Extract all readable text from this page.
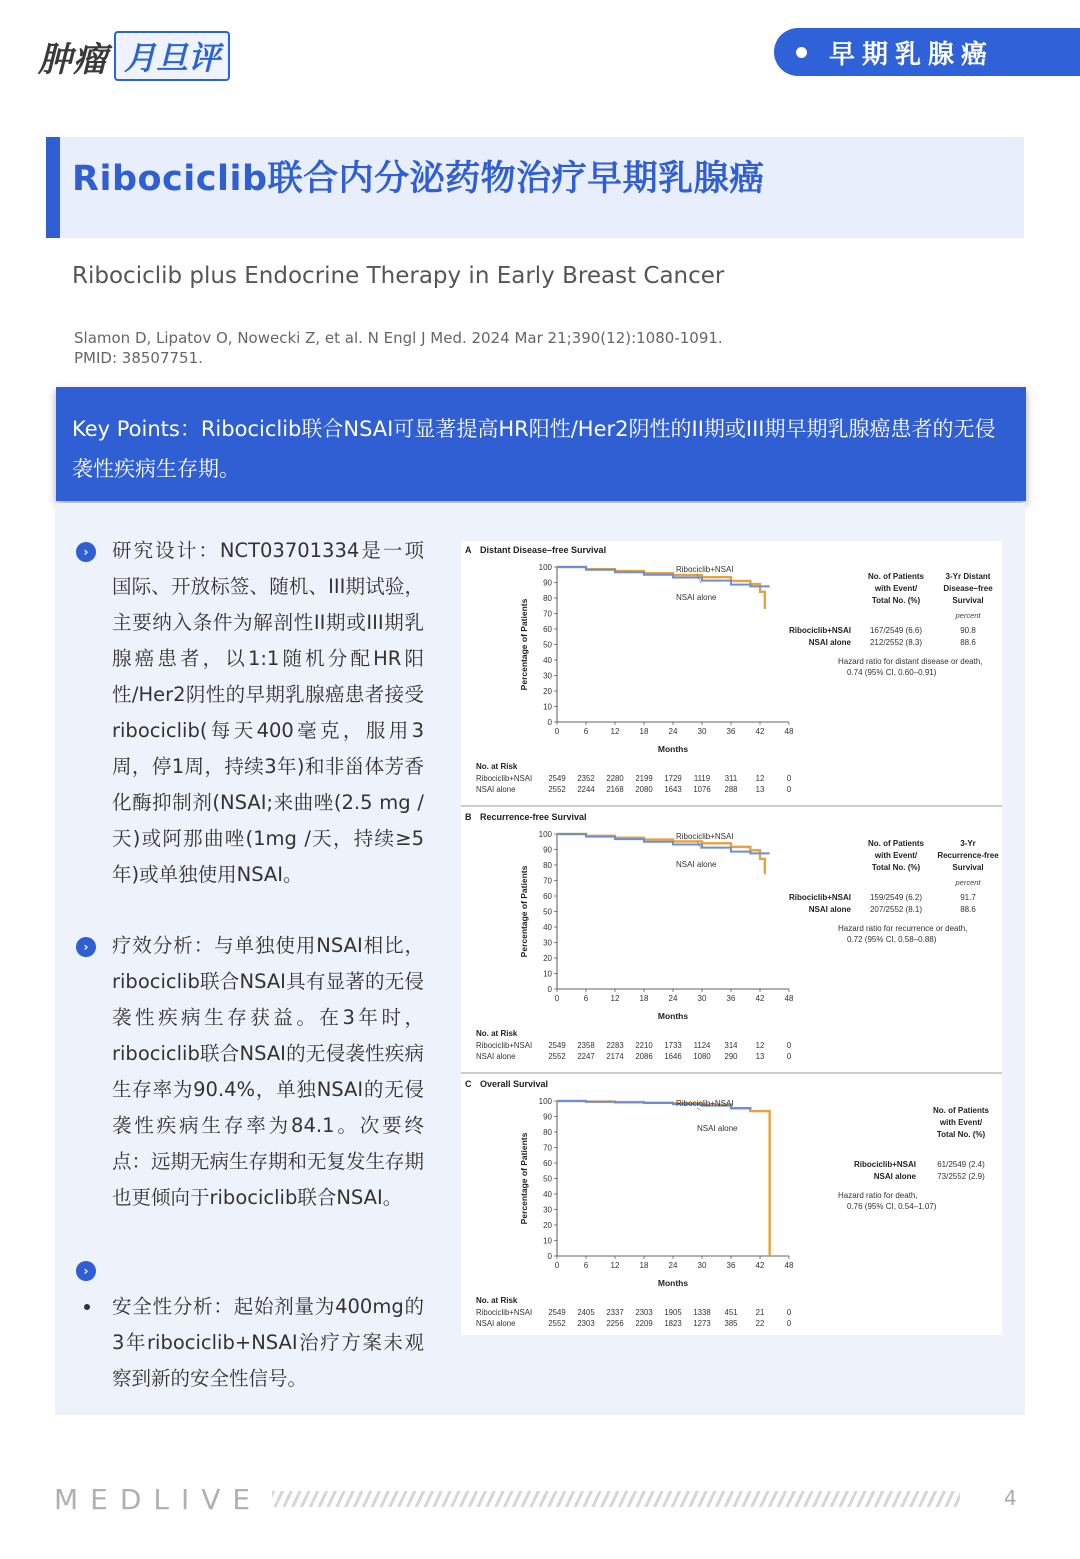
肿瘤 月旦评	早期乳腺癌
Ribociclib联合内分泌药物治疗早期乳腺癌
Ribociclib plus Endocrine Therapy in Early Breast Cancer
Slamon D, Lipatov O, Nowecki Z, et al. N Engl J Med. 2024 Mar 21;390(12):1080-1091.
PMID: 38507751.

Key Points：Ribociclib联合NSAI可显著提高HR阳性/Her2阴性的II期或III期早期乳腺癌患者的无侵袭性疾病生存期。

›	研究设计：NCT03701334是一项国际、开放标签、随机、III期试验，主要纳入条件为解剖性II期或III期乳腺癌患者，以1:1随机分配HR阳性/Her2阴性的早期乳腺癌患者接受ribociclib(每天400毫克，服用3周，停1周，持续3年)和非甾体芳香化酶抑制剂(NSAI;来曲唑(2.5 mg /天)或阿那曲唑(1mg /天，持续≥5年)或单独使用NSAI。
›	疗效分析：与单独使用NSAI相比，ribociclib联合NSAI具有显著的无侵袭性疾病生存获益。在3年时，ribociclib联合NSAI的无侵袭性疾病生存率为90.4%，单独NSAI的无侵袭性疾病生存率为84.1。次要终点：远期无病生存期和无复发生存期也更倾向于ribociclib联合NSAI。
›
安全性分析：起始剂量为400mg的3年ribociclib+NSAI治疗方案未观察到新的安全性信号。
A Distant Disease–free Survival
0
10
20
30
40
50
60
70
80
90
100
0	6	12	18	24	30	36	42	48
Months
Percentage of Patients
Ribociclib+NSAI
NSAI alone
No. of Patients
with Event/
Total No. (%)
3-Yr Distant
Disease–free
Survival
percent
Ribociclib+NSAI 167/2549 (6.6)	90.8
NSAI alone 212/2552 (8.3)	88.6
Hazard ratio for distant disease or death,
0.74 (95% CI, 0.60–0.91)
No. at Risk
Ribociclib+NSAI 2549 2352 2280 2199 1729 1119 311 12	0
NSAI alone	2552 2244 2168 2080 1643 1076 288 13	0
B Recurrence-free Survival
0
10
20
30
40
50
60
70
80
90
100
0	6	12	18	24	30	36	42	48
Months
Percentage of Patients
Ribociclib+NSAI
NSAI alone
No. of Patients
with Event/
Total No. (%)
3-Yr
Recurrence-free
Survival
percent
Ribociclib+NSAI 159/2549 (6.2)	91.7
NSAI alone 207/2552 (8.1)	88.6
Hazard ratio for recurrence or death,
0.72 (95% CI, 0.58–0.88)
No. at Risk
Ribociclib+NSAI 2549 2358 2283 2210 1733 1124 314 12	0
NSAI alone	2552 2247 2174 2086 1646 1080 290 13	0
C Overall Survival
0
10
20
30
40
50
60
70
80
90
100
0	6	12	18	24	30	36	42	48
Months
Percentage of Patients
Ribociclib+NSAI
NSAI alone
No. of Patients
with Event/
Total No. (%)
Ribociclib+NSAI	61/2549 (2.4)
NSAI alone	73/2552 (2.9)
Hazard ratio for death,
0.76 (95% CI, 0.54–1.07)
No. at Risk
Ribociclib+NSAI 2549 2405 2337 2303 1905 1338 451 21	0
NSAI alone	2552 2303 2256 2209 1823 1273 385 22	0
MEDLIVE	4
